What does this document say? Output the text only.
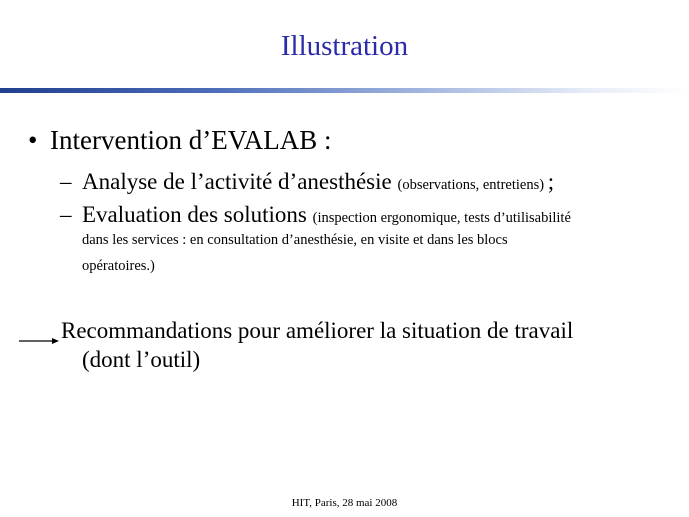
Illustration
• Intervention d’EVALAB :
– Analyse de l’activité d’anesthésie (observations, entretiens) ;
– Evaluation des solutions (inspection ergonomique, tests d’utilisabilité
dans les services : en consultation d’anesthésie, en visite et dans les blocs
opératoires.)
Recommandations pour améliorer la situation de travail
(dont l’outil)
HIT, Paris, 28 mai 2008
